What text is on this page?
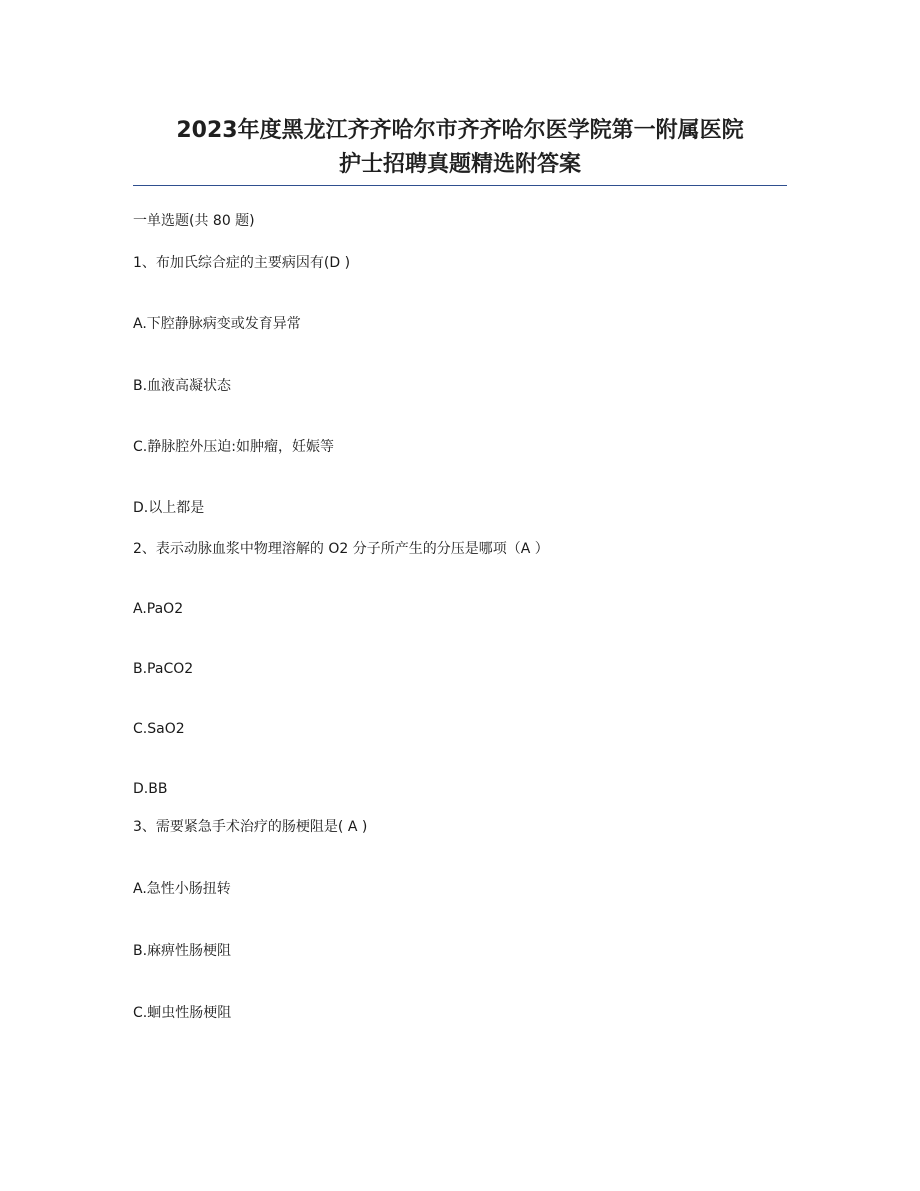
2023年度黑龙江齐齐哈尔市齐齐哈尔医学院第一附属医院
护士招聘真题精选附答案
一单选题(共 80 题)
1、布加氏综合症的主要病因有(D )
A.下腔静脉病变或发育异常
B.血液高凝状态
C.静脉腔外压迫:如肿瘤，妊娠等
D.以上都是
2、表示动脉血浆中物理溶解的 O2 分子所产生的分压是哪项（A ）
A.PaO2
B.PaCO2
C.SaO2
D.BB
3、需要紧急手术治疗的肠梗阻是( A )
A.急性小肠扭转
B.麻痹性肠梗阻
C.蛔虫性肠梗阻
